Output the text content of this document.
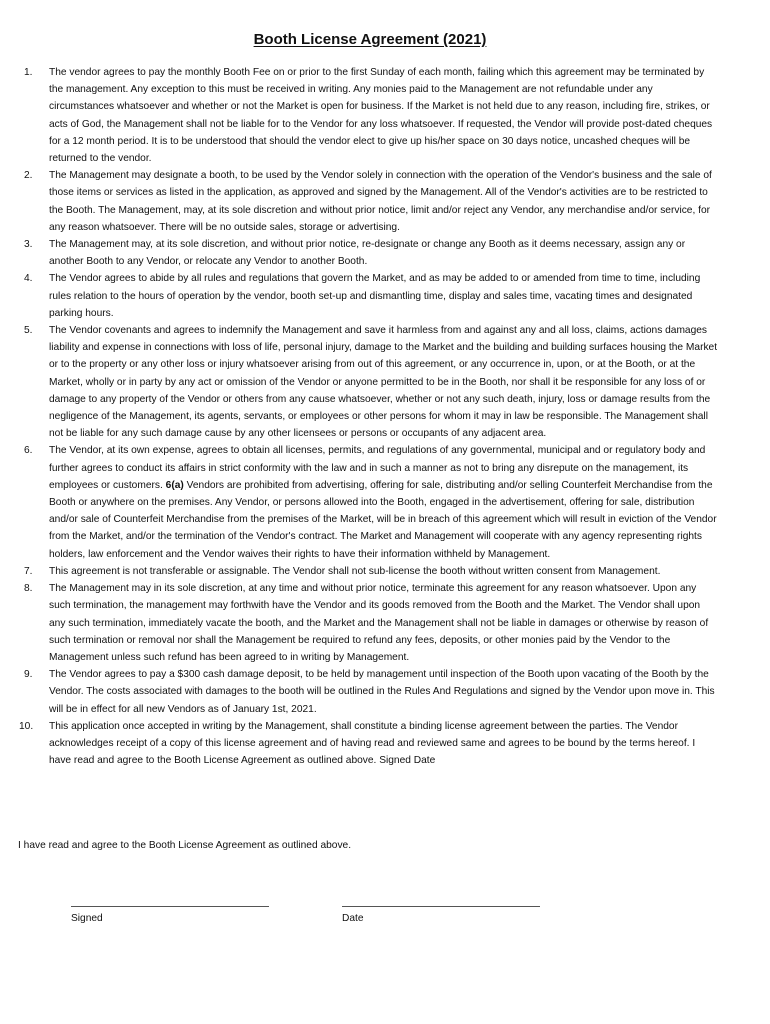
Booth License Agreement (2021)
1.	The vendor agrees to pay the monthly Booth Fee on or prior to the first Sunday of each month, failing which this agreement may be terminated by the management. Any exception to this must be received in writing. Any monies paid to the Management are not refundable under any circumstances whatsoever and whether or not the Market is open for business. If the Market is not held due to any reason, including fire, strikes, or acts of God, the Management shall not be liable for to the Vendor for any loss whatsoever. If requested, the Vendor will provide post-dated cheques for a 12 month period. It is to be understood that should the vendor elect to give up his/her space on 30 days notice, uncashed cheques will be returned to the vendor.
2.	The Management may designate a booth, to be used by the Vendor solely in connection with the operation of the Vendor's business and the sale of those items or services as listed in the application, as approved and signed by the Management. All of the Vendor's activities are to be restricted to the Booth. The Management, may, at its sole discretion and without prior notice, limit and/or reject any Vendor, any merchandise and/or service, for any reason whatsoever. There will be no outside sales, storage or advertising.
3.	The Management may, at its sole discretion, and without prior notice, re-designate or change any Booth as it deems necessary, assign any or another Booth to any Vendor, or relocate any Vendor to another Booth.
4.	The Vendor agrees to abide by all rules and regulations that govern the Market, and as may be added to or amended from time to time, including rules relation to the hours of operation by the vendor, booth set-up and dismantling time, display and sales time, vacating times and designated parking hours.
5.	The Vendor covenants and agrees to indemnify the Management and save it harmless from and against any and all loss, claims, actions damages liability and expense in connections with loss of life, personal injury, damage to the Market and the building and building surfaces housing the Market or to the property or any other loss or injury whatsoever arising from out of this agreement, or any occurrence in, upon, or at the Booth, or at the Market, wholly or in party by any act or omission of the Vendor or anyone permitted to be in the Booth, nor shall it be responsible for any loss of or damage to any property of the Vendor or others from any cause whatsoever, whether or not any such death, injury, loss or damage results from the negligence of the Management, its agents, servants, or employees or other persons for whom it may in law be responsible. The Management shall not be liable for any such damage cause by any other licensees or persons or occupants of any adjacent area.
6.	The Vendor, at its own expense, agrees to obtain all licenses, permits, and regulations of any governmental, municipal and or regulatory body and further agrees to conduct its affairs in strict conformity with the law and in such a manner as not to bring any disrepute on the management, its employees or customers. 6(a) Vendors are prohibited from advertising, offering for sale, distributing and/or selling Counterfeit Merchandise from the Booth or anywhere on the premises. Any Vendor, or persons allowed into the Booth, engaged in the advertisement, offering for sale, distribution and/or sale of Counterfeit Merchandise from the premises of the Market, will be in breach of this agreement which will result in eviction of the Vendor from the Market, and/or the termination of the Vendor's contract. The Market and Management will cooperate with any agency representing rights holders, law enforcement and the Vendor waives their rights to have their information withheld by Management.
7.	This agreement is not transferable or assignable. The Vendor shall not sub-license the booth without written consent from Management.
8.	The Management may in its sole discretion, at any time and without prior notice, terminate this agreement for any reason whatsoever. Upon any such termination, the management may forthwith have the Vendor and its goods removed from the Booth and the Market. The Vendor shall upon any such termination, immediately vacate the booth, and the Market and the Management shall not be liable in damages or otherwise by reason of such termination or removal nor shall the Management be required to refund any fees, deposits, or other monies paid by the Vendor to the Management unless such refund has been agreed to in writing by Management.
9.	The Vendor agrees to pay a $300 cash damage deposit, to be held by management until inspection of the Booth upon vacating of the Booth by the Vendor. The costs associated with damages to the booth will be outlined in the Rules And Regulations and signed by the Vendor upon move in. This will be in effect for all new Vendors as of January 1st, 2021.
10.	This application once accepted in writing by the Management, shall constitute a binding license agreement between the parties. The Vendor acknowledges receipt of a copy of this license agreement and of having read and reviewed same and agrees to be bound by the terms hereof. I have read and agree to the Booth License Agreement as outlined above. Signed Date

I have read and agree to the Booth License Agreement as outlined above.

Signed	Date
